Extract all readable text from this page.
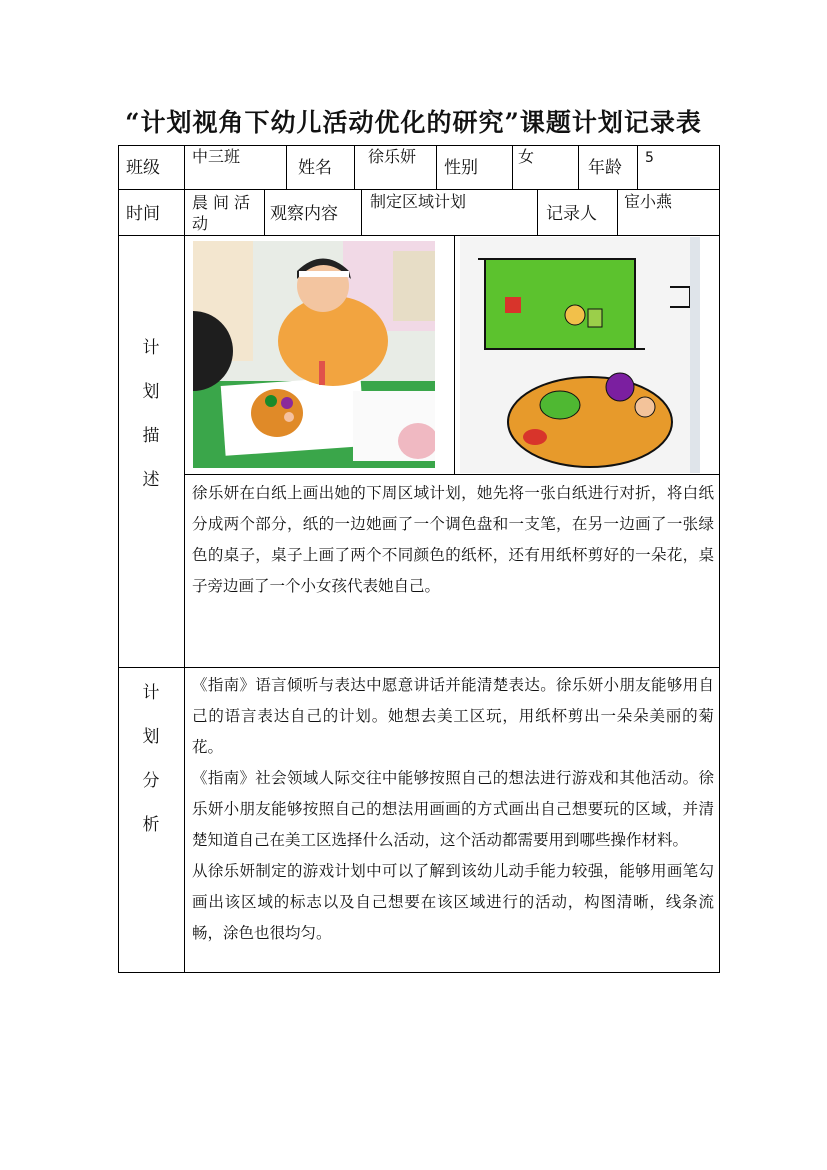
“计划视角下幼儿活动优化的研究”课题计划记录表
班级
中三班
姓名
徐乐妍
性别
女
年龄 5
时间
晨间活动	观察内容
制定区域计划
记录人
宦小燕
计
划
描
述

徐乐妍在白纸上画出她的下周区域计划，她先将一张白纸进行对折，将白纸分成两个部分，纸的一边她画了一个调色盘和一支笔，在另一边画了一张绿色的桌子，桌子上画了两个不同颜色的纸杯，还有用纸杯剪好的一朵花，桌子旁边画了一个小女孩代表她自己。

计
划
分
析

《指南》语言倾听与表达中愿意讲话并能清楚表达。徐乐妍小朋友能够用自己的语言表达自己的计划。她想去美工区玩，用纸杯剪出一朵朵美丽的菊花。

《指南》社会领域人际交往中能够按照自己的想法进行游戏和其他活动。徐乐妍小朋友能够按照自己的想法用画画的方式画出自己想要玩的区域，并清楚知道自己在美工区选择什么活动，这个活动都需要用到哪些操作材料。

从徐乐妍制定的游戏计划中可以了解到该幼儿动手能力较强，能够用画笔勾画出该区域的标志以及自己想要在该区域进行的活动，构图清晰，线条流畅，涂色也很均匀。
